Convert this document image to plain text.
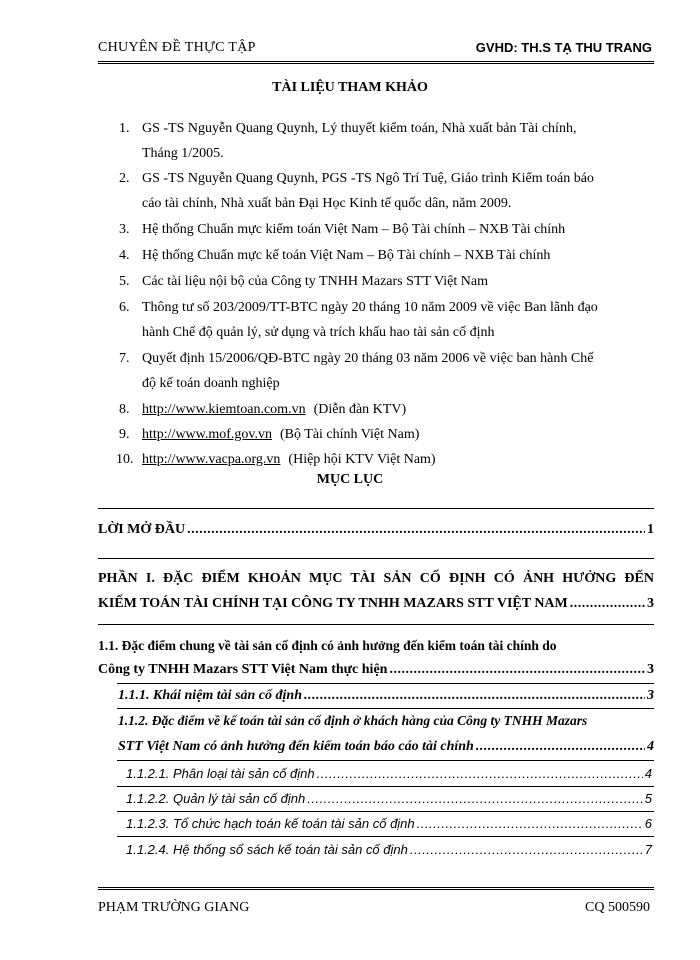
CHUYÊN ĐỀ THỰC TẬP	GVHD: TH.S TẠ THU TRANG
TÀI LIỆU THAM KHẢO
1. GS -TS Nguyễn Quang Quynh, Lý thuyết kiểm toán, Nhà xuất bản Tài chính,
Tháng 1/2005.
2. GS -TS Nguyễn Quang Quynh, PGS -TS Ngô Trí Tuệ, Giáo trình Kiểm toán báo
cáo tài chính, Nhà xuất bản Đại Học Kinh tế quốc dân, năm 2009.
3. Hệ thống Chuẩn mực kiểm toán Việt Nam – Bộ Tài chính – NXB Tài chính
4. Hệ thống Chuẩn mực kế toán Việt Nam – Bộ Tài chính – NXB Tài chính
5. Các tài liệu nội bộ của Công ty TNHH Mazars STT Việt Nam
6. Thông tư số 203/2009/TT-BTC ngày 20 tháng 10 năm 2009 về việc Ban lãnh đạo
hành Chế độ quản lý, sử dụng và trích khấu hao tài sản cố định
7. Quyết định 15/2006/QĐ-BTC ngày 20 tháng 03 năm 2006 về việc ban hành Chế
độ kế toán doanh nghiệp
8. http://www.kiemtoan.com.vn (Diễn đàn KTV)
9. http://www.mof.gov.vn (Bộ Tài chính Việt Nam)
10. http://www.vacpa.org.vn (Hiệp hội KTV Việt Nam)
MỤC LỤC
LỜI MỞ ĐẦU .....	1
PHẦN I. ĐẶC ĐIỂM KHOẢN MỤC TÀI SẢN CỐ ĐỊNH CÓ ẢNH HƯỞNG ĐẾN
KIỂM TOÁN TÀI CHÍNH TẠI CÔNG TY TNHH MAZARS STT VIỆT NAM .....	3
1.1. Đặc điểm chung về tài sản cố định có ảnh hưởng đến kiểm toán tài chính do
Công ty TNHH Mazars STT Việt Nam thực hiện .....	3
1.1.1. Khái niệm tài sản cố định .....	3
1.1.2. Đặc điểm về kế toán tài sản cố định ở khách hàng của Công ty TNHH Mazars
STT Việt Nam có ảnh hưởng đến kiểm toán báo cáo tài chính .....	4
1.1.2.1. Phân loại tài sản cố định .....	4
1.1.2.2. Quản lý tài sản cố định .....	5
1.1.2.3. Tổ chức hạch toán kế toán tài sản cố định .....	6
1.1.2.4. Hệ thống sổ sách kế toán tài sản cố định .....	7
PHẠM TRƯỜNG GIANG	CQ 500590
